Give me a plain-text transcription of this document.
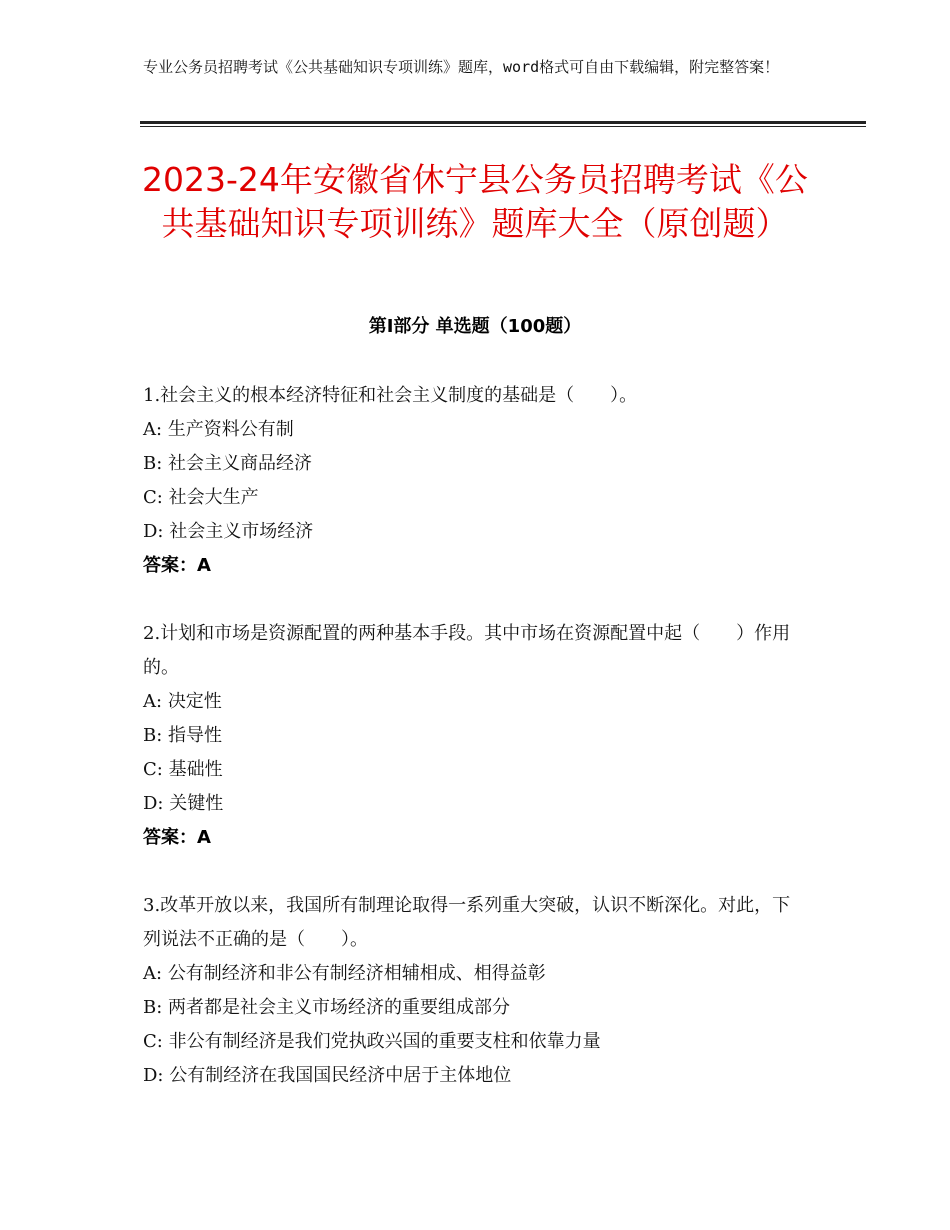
专业公务员招聘考试《公共基础知识专项训练》题库，word格式可自由下载编辑，附完整答案！
2023-24年安徽省休宁县公务员招聘考试《公共基础知识专项训练》题库大全（原创题）
第Ⅰ部分 单选题（100题）

1.社会主义的根本经济特征和社会主义制度的基础是（　　）。

A: 生产资料公有制

B: 社会主义商品经济

C: 社会大生产

D: 社会主义市场经济

答案：A

2.计划和市场是资源配置的两种基本手段。其中市场在资源配置中起（　　）作用的。

A: 决定性

B: 指导性

C: 基础性

D: 关键性

答案：A

3.改革开放以来，我国所有制理论取得一系列重大突破，认识不断深化。对此，下列说法不正确的是（　　）。

A: 公有制经济和非公有制经济相辅相成、相得益彰

B: 两者都是社会主义市场经济的重要组成部分

C: 非公有制经济是我们党执政兴国的重要支柱和依靠力量

D: 公有制经济在我国国民经济中居于主体地位
